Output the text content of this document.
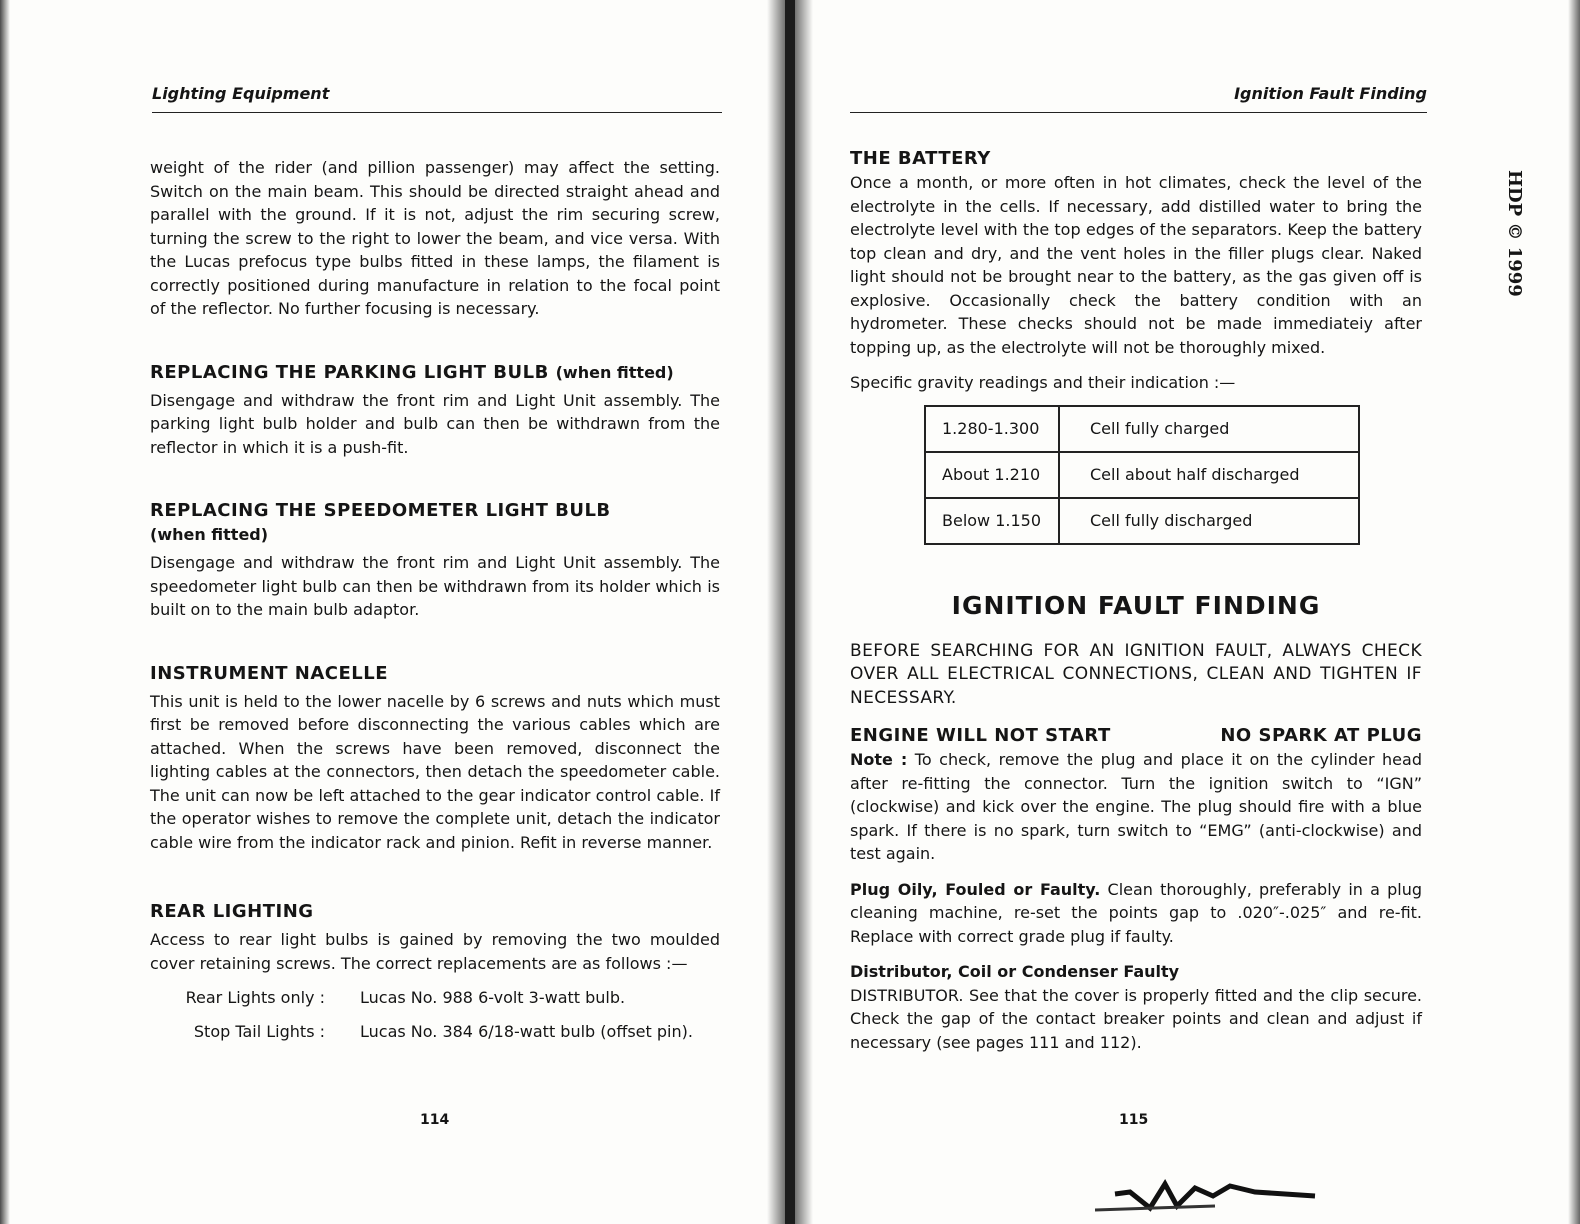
Lighting Equipment

weight of the rider (and pillion passenger) may affect the setting. Switch on the main beam. This should be directed straight ahead and parallel with the ground. If it is not, adjust the rim securing screw, turning the screw to the right to lower the beam, and vice versa. With the Lucas prefocus type bulbs fitted in these lamps, the filament is correctly positioned during manufacture in relation to the focal point of the reflector. No further focusing is necessary.

REPLACING THE PARKING LIGHT BULB (when fitted)

Disengage and withdraw the front rim and Light Unit assembly. The parking light bulb holder and bulb can then be withdrawn from the reflector in which it is a push-fit.

REPLACING THE SPEEDOMETER LIGHT BULB
(when fitted)

Disengage and withdraw the front rim and Light Unit assembly. The speedometer light bulb can then be withdrawn from its holder which is built on to the main bulb adaptor.

INSTRUMENT NACELLE

This unit is held to the lower nacelle by 6 screws and nuts which must first be removed before disconnecting the various cables which are attached. When the screws have been removed, disconnect the lighting cables at the connectors, then detach the speedometer cable. The unit can now be left attached to the gear indicator control cable. If the operator wishes to remove the complete unit, detach the indicator cable wire from the indicator rack and pinion. Refit in reverse manner.

REAR LIGHTING

Access to rear light bulbs is gained by removing the two moulded cover retaining screws. The correct replacements are as follows :—

Rear Lights only :	Lucas No. 988 6-volt 3-watt bulb.
Stop Tail Lights :	Lucas No. 384 6/18-watt bulb (offset pin).
114
Ignition Fault Finding
HDP © 1999
THE BATTERY

Once a month, or more often in hot climates, check the level of the electrolyte in the cells. If necessary, add distilled water to bring the electrolyte level with the top edges of the separators. Keep the battery top clean and dry, and the vent holes in the filler plugs clear. Naked light should not be brought near to the battery, as the gas given off is explosive. Occasionally check the battery condition with an hydrometer. These checks should not be made immediateiy after topping up, as the electrolyte will not be thoroughly mixed.

Specific gravity readings and their indication :—

1.280-1.300	Cell fully charged
About 1.210	Cell about half discharged
Below 1.150	Cell fully discharged
IGNITION FAULT FINDING

BEFORE SEARCHING FOR AN IGNITION FAULT, ALWAYS CHECK OVER ALL ELECTRICAL CONNECTIONS, CLEAN AND TIGHTEN IF NECESSARY.

ENGINE WILL NOT START	NO SPARK AT PLUG

Note : To check, remove the plug and place it on the cylinder head after re-fitting the connector. Turn the ignition switch to “IGN” (clockwise) and kick over the engine. The plug should fire with a blue spark. If there is no spark, turn switch to “EMG” (anti-clockwise) and test again.

Plug Oily, Fouled or Faulty. Clean thoroughly, preferably in a plug cleaning machine, re-set the points gap to .020″-.025″ and re-fit. Replace with correct grade plug if faulty.

Distributor, Coil or Condenser Faulty

DISTRIBUTOR. See that the cover is properly fitted and the clip secure. Check the gap of the contact breaker points and clean and adjust if necessary (see pages 111 and 112).

115
